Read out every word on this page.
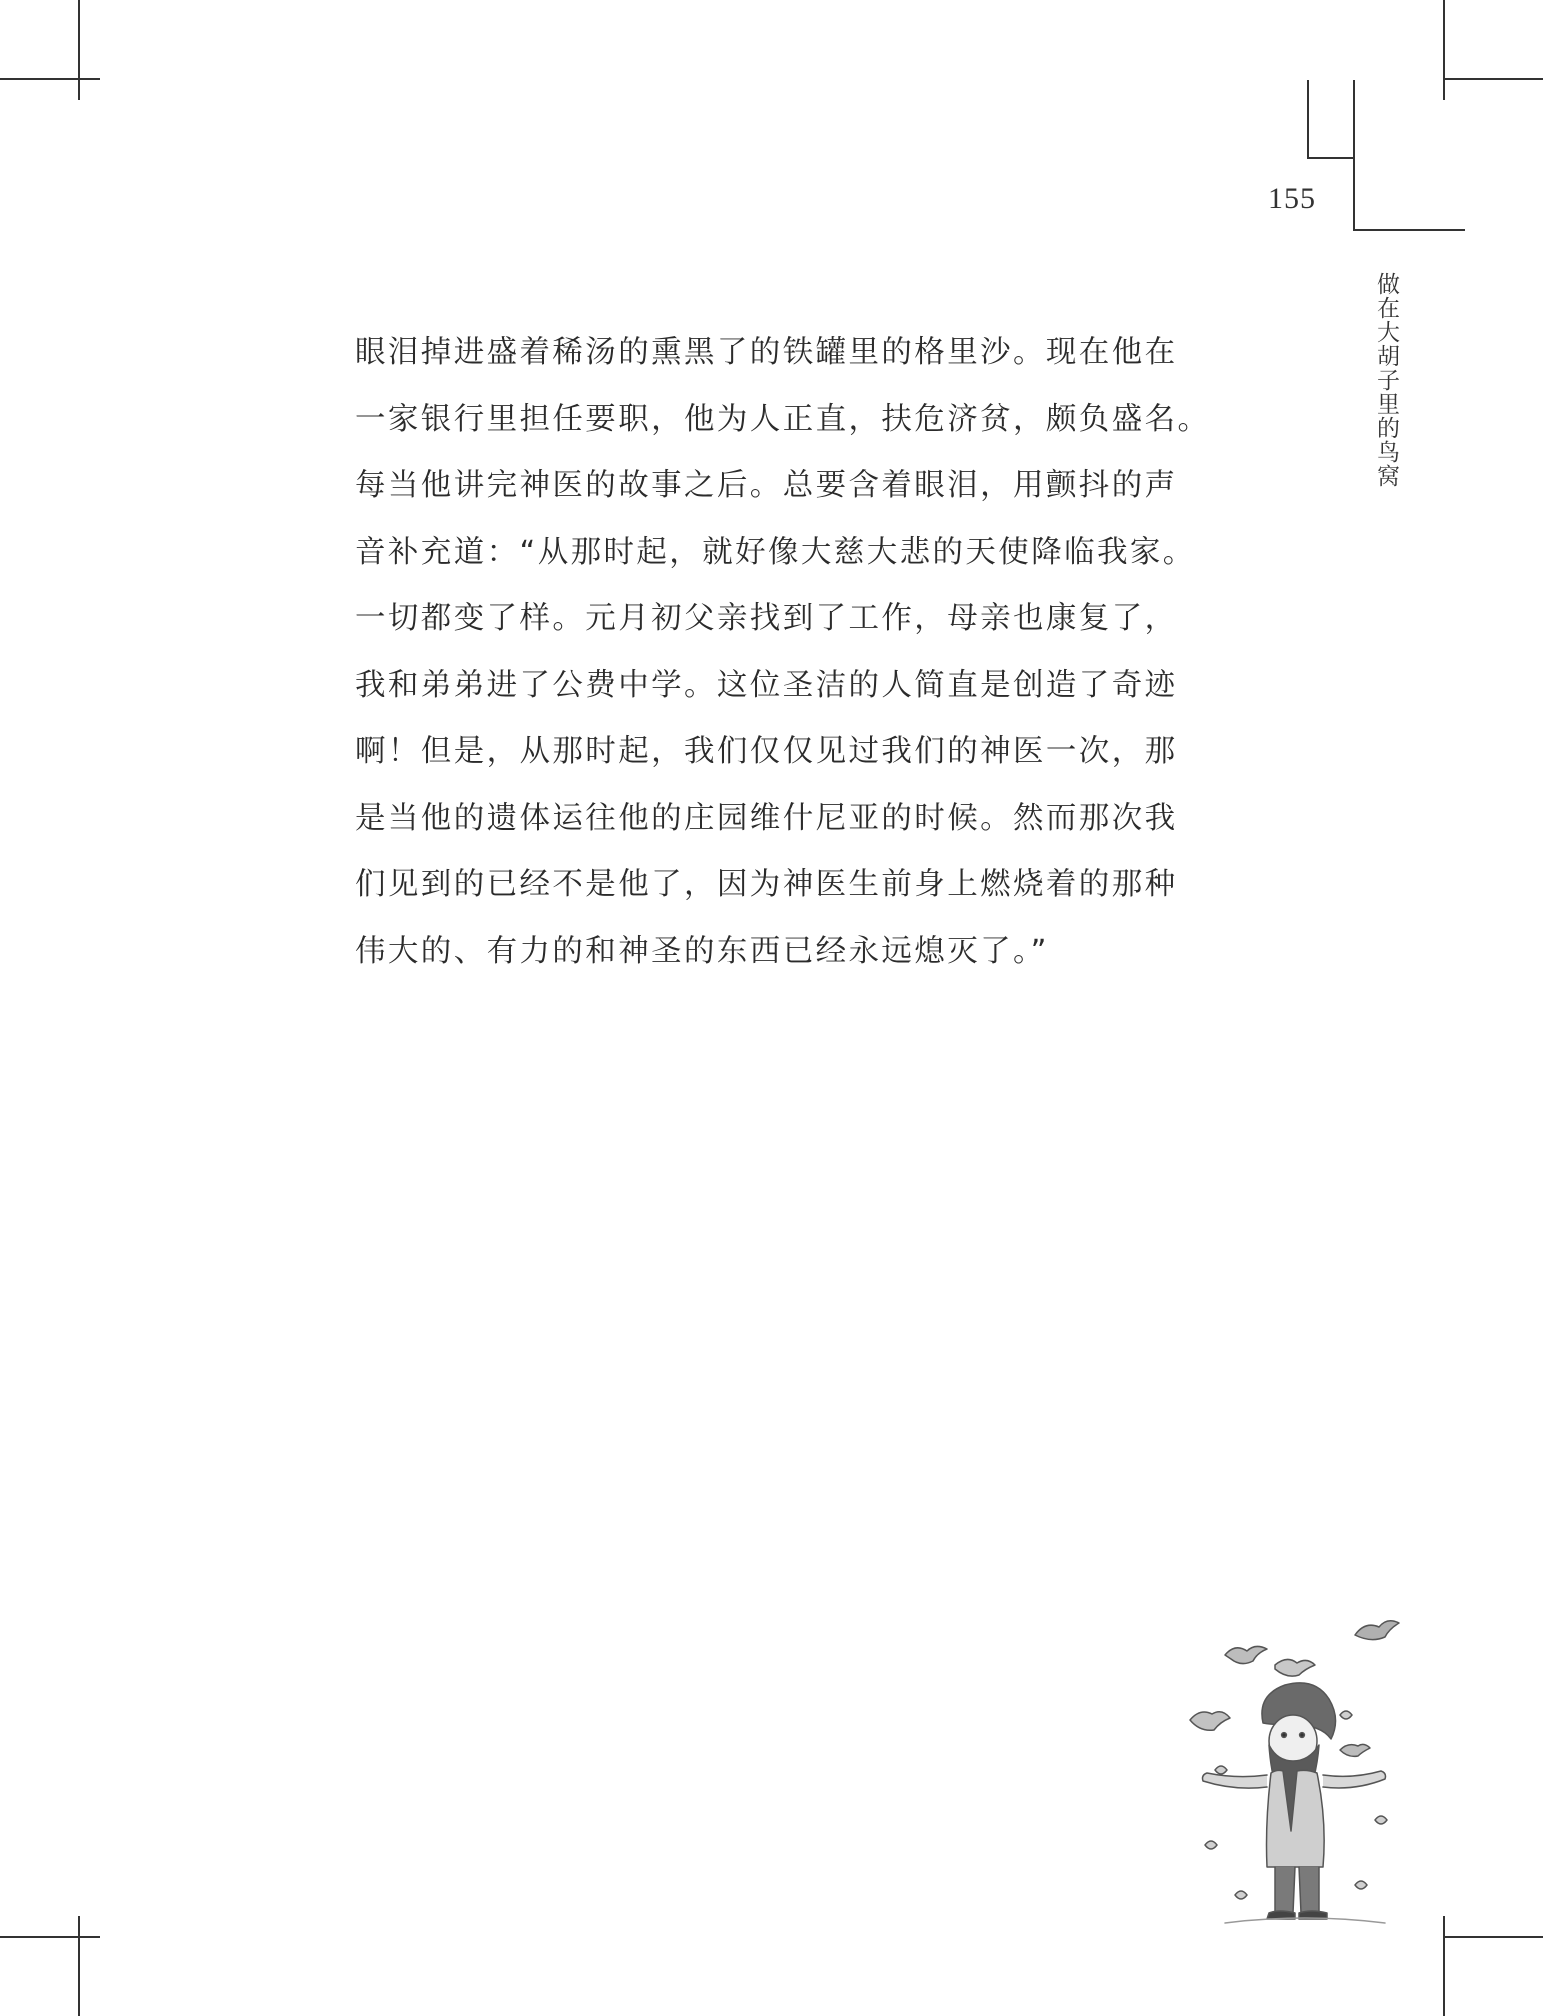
155
做在大胡子里的鸟窝

眼泪掉进盛着稀汤的熏黑了的铁罐里的格里沙。现在他在

一家银行里担任要职，他为人正直，扶危济贫，颇负盛名。

每当他讲完神医的故事之后。总要含着眼泪，用颤抖的声

音补充道：“从那时起，就好像大慈大悲的天使降临我家。

一切都变了样。元月初父亲找到了工作，母亲也康复了，

我和弟弟进了公费中学。这位圣洁的人简直是创造了奇迹

啊！但是，从那时起，我们仅仅见过我们的神医一次，那

是当他的遗体运往他的庄园维什尼亚的时候。然而那次我

们见到的已经不是他了，因为神医生前身上燃烧着的那种

伟大的、有力的和神圣的东西已经永远熄灭了。”
